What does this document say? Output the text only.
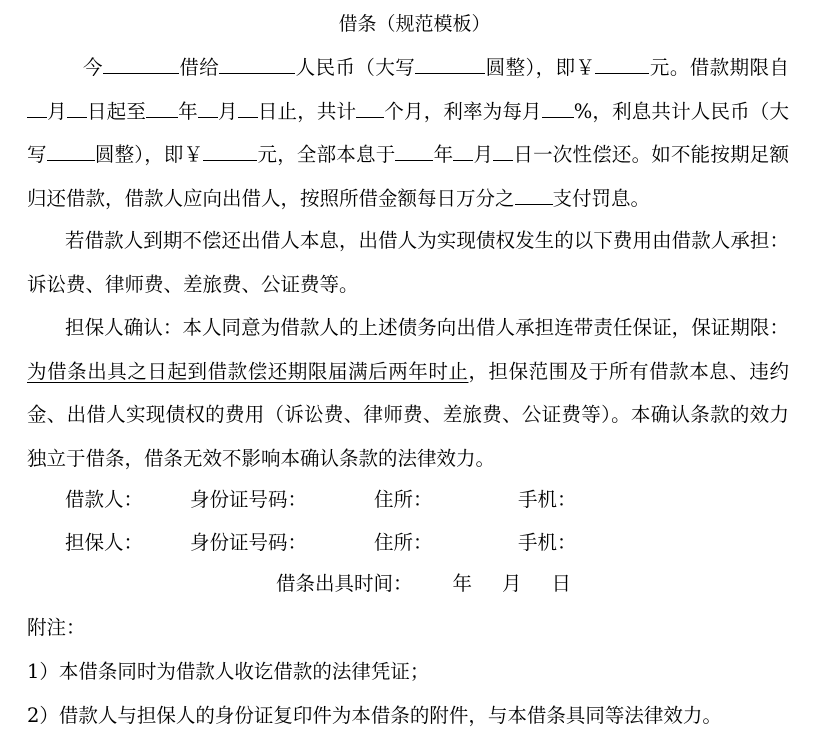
借条（规范模板）
今	借给	人民币（大写	圆整），即￥	元。借款期限自月 日起至 年 月 日止，共计 个月，利率为每月 %，利息共计人民币（大写 圆整），即￥	元，全部本息于 年 月 日一次性偿还。如不能按期足额归还借款，借款人应向出借人，按照所借金额每日万分之 支付罚息。
若借款人到期不偿还出借人本息，出借人为实现债权发生的以下费用由借款人承担：诉讼费、律师费、差旅费、公证费等。
担保人确认：本人同意为借款人的上述债务向出借人承担连带责任保证，保证期限：为借条出具之日起到借款偿还期限届满后两年时止，担保范围及于所有借款本息、违约金、出借人实现债权的费用（诉讼费、律师费、差旅费、公证费等）。本确认条款的效力独立于借条，借条无效不影响本确认条款的法律效力。
借款人： 身份证号码：	住所：	手机：
担保人： 身份证号码：	住所：	手机：
借条出具时间： 年 月 日
附注：
1）本借条同时为借款人收讫借款的法律凭证；
2）借款人与担保人的身份证复印件为本借条的附件，与本借条具同等法律效力。
